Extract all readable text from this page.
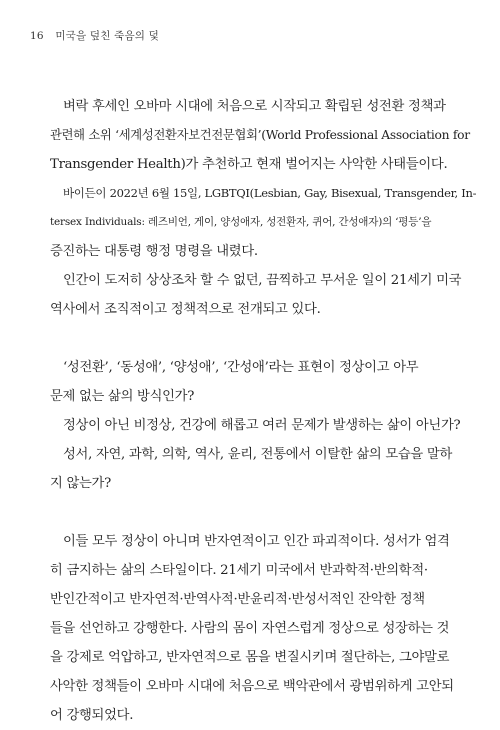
16 미국을 덮친 죽음의 덫

벼락 후세인 오바마 시대에 처음으로 시작되고 확립된 성전환 정책과
관련해 소위 ‘세계성전환자보건전문협회’(World Professional Association for
Transgender Health)가 추천하고 현재 벌어지는 사악한 사태들이다.

바이든이 2022년 6월 15일, LGBTQI(Lesbian, Gay, Bisexual, Transgender, In-
tersex Individuals: 레즈비언, 게이, 양성애자, 성전환자, 퀴어, 간성애자)의 ‘평등’을
증진하는 대통령 행정 명령을 내렸다.

인간이 도저히 상상조차 할 수 없던, 끔찍하고 무서운 일이 21세기 미국
역사에서 조직적이고 정책적으로 전개되고 있다.

‘성전환’, ‘동성애’, ‘양성애’, ‘간성애’라는 표현이 정상이고 아무
문제 없는 삶의 방식인가?

정상이 아닌 비정상, 건강에 해롭고 여러 문제가 발생하는 삶이 아닌가?

성서, 자연, 과학, 의학, 역사, 윤리, 전통에서 이탈한 삶의 모습을 말하
지 않는가?

이들 모두 정상이 아니며 반자연적이고 인간 파괴적이다. 성서가 엄격
히 금지하는 삶의 스타일이다. 21세기 미국에서 반과학적·반의학적·
반인간적이고 반자연적·반역사적·반윤리적·반성서적인 잔악한 정책
들을 선언하고 강행한다. 사람의 몸이 자연스럽게 정상으로 성장하는 것
을 강제로 억압하고, 반자연적으로 몸을 변질시키며 절단하는, 그야말로
사악한 정책들이 오바마 시대에 처음으로 백악관에서 광범위하게 고안되
어 강행되었다.
